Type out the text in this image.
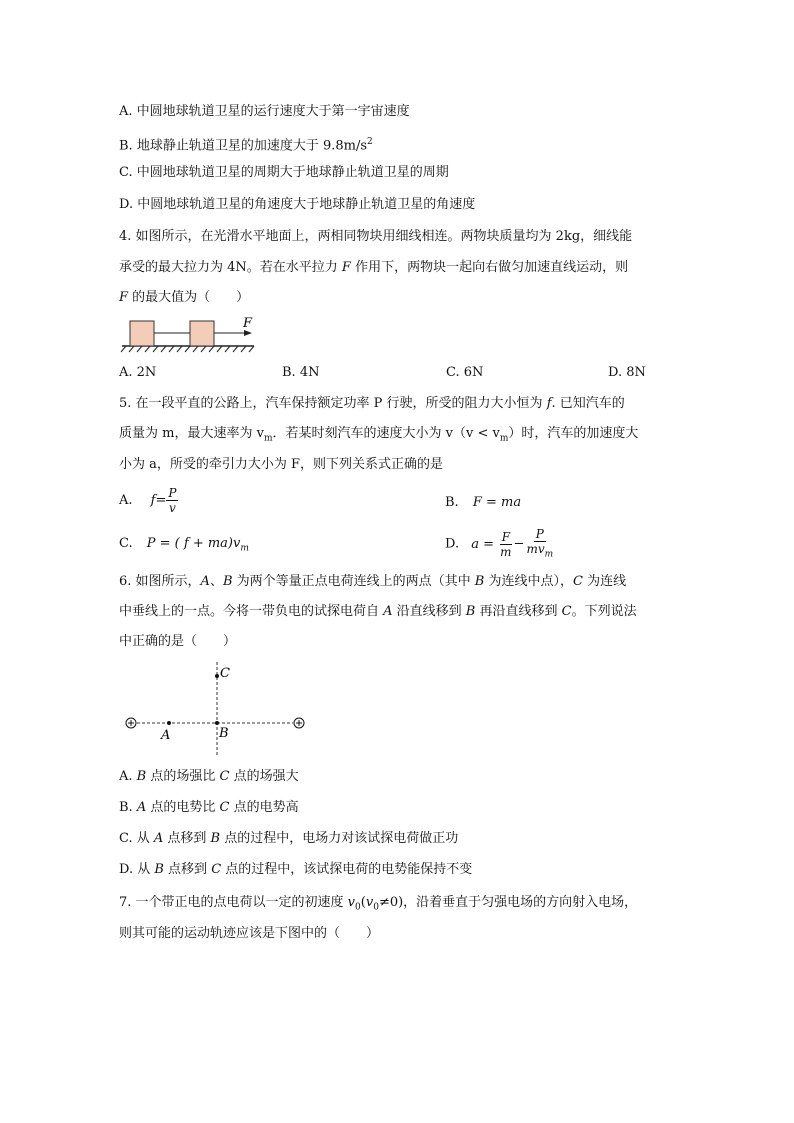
A. 中圆地球轨道卫星的运行速度大于第一宇宙速度
B. 地球静止轨道卫星的加速度大于 $9.8m/s^2$
C. 中圆地球轨道卫星的周期大于地球静止轨道卫星的周期
D. 中圆地球轨道卫星的角速度大于地球静止轨道卫星的角速度
4. 如图所示，在光滑水平地面上，两相同物块用细线相连。两物块质量均为 2kg，细线能
承受的最大拉力为 4N。若在水平拉力 F 作用下，两物块一起向右做匀加速直线运动，则
F 的最大值为（　　）
F
A. 2N	B. 4N	C. 6N	D. 8N
5. 在一段平直的公路上，汽车保持额定功率 P 行驶，所受的阻力大小恒为 f. 已知汽车的
质量为 m，最大速率为 $v_m$．若某时刻汽车的速度大小为 $v(v < v_m)$时，汽车的加速度大
小为 a，所受的牵引力大小为 F，则下列关系式正确的是
A. $f= \frac{P}{v}$	B. F = ma
C. P = ( $f + ma)v_m$	D. $a = \frac{F}{m} - \frac{P}{mv_m}$
6. 如图所示，A、B 为两个等量正点电荷连线上的两点（其中 B 为连线中点），C 为连线
中垂线上的一点。今将一带负电的试探电荷自 A 沿直线移到 B 再沿直线移到 C。下列说法
中正确的是（　　）
A	B
C
A. B 点的场强比 C 点的场强大
B. A 点的电势比 C 点的电势高
C. 从 A 点移到 B 点的过程中，电场力对该试探电荷做正功
D. 从 B 点移到 C 点的过程中，该试探电荷的电势能保持不变
7. 一个带正电的点电荷以一定的初速度 $v_0(v_0\ne 0)$，沿着垂直于匀强电场的方向射入电场，
则其可能的运动轨迹应该是下图中的（　　）
